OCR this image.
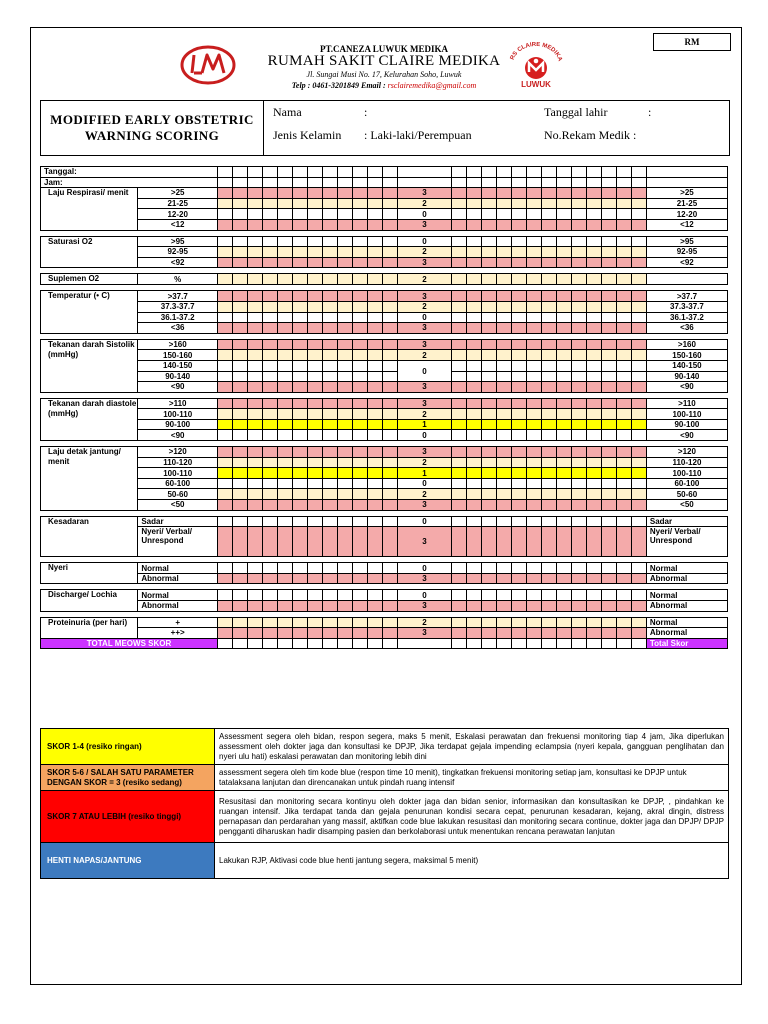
RM
RS CLAIRE MEDIKA
LUWUK
PT.CANEZA LUWUK MEDIKA
RUMAH SAKIT CLAIRE MEDIKA
Jl. Sungai Musi No. 17, Kelurahan Soho, Luwuk
Telp : 0461-3201849 Email : rsclairemedika@gmail.com
MODIFIED EARLY OBSTETRIC WARNING SCORING
Nama	:	Tanggal lahir	:
Jenis Kelamin : Laki-laki/Perempuan	No.Rekam Medik :
Tanggal:																												
Jam:																												
Laju Respirasi/ menit	>25													3														>25
	21-25													2														21-25
	12-20													0														12-20
	<12													3														<12

Saturasi O2	>95													0														>95
	92-95													2														92-95
	<92													3														<92

Suplemen O2	%													2														

Temperatur (• C)	>37.7													3														>37.7
	37.3-37.7													2														37.3-37.7
	36.1-37.2													0														36.1-37.2
	<36													3														<36

Tekanan darah Sistolik (mmHg)	>160													3														>160
	150-160													2														150-160
	140-150													0														140-150
	90-140																											90-140
	<90													3														<90

Tekanan darah diastole (mmHg)	>110													3														>110
	100-110													2														100-110
	90-100													1														90-100
	<90													0														<90

Laju detak jantung/ menit	>120													3														>120
	110-120													2														110-120
	100-110													1														100-110
	60-100													0														60-100
	50-60													2														50-60
	<50													3														<50

Kesadaran	Sadar													0														Sadar
	Nyeri/ Verbal/ Unrespond													3														Nyeri/ Verbal/ Unrespond

Nyeri	Normal													0														Normal
	Abnormal													3														Abnormal

Discharge/ Lochia	Normal													0														Normal
	Abnormal													3														Abnormal

Proteinuria (per hari)	+													2														Normal
	++>													3														Abnormal
TOTAL MEOWS SKOR																												Total Skor
SKOR 1-4 (resiko ringan)	Assessment segera oleh bidan, respon segera, maks 5 menit, Eskalasi perawatan dan frekuensi monitoring tiap 4 jam, Jika diperlukan assessment oleh dokter jaga dan konsultasi ke DPJP, Jika terdapat gejala impending eclampsia (nyeri kepala, gangguan penglihatan dan nyeri ulu hati) eskalasi perawatan dan monitoring lebih dini
SKOR 5-6 / SALAH SATU PARAMETER DENGAN SKOR = 3 (resiko sedang)	assessment segera oleh tim kode blue (respon time 10 menit), tingkatkan frekuensi monitoring setiap jam, konsultasi ke DPJP untuk tatalaksana lanjutan dan direncanakan untuk pindah ruang intensif
SKOR 7 ATAU LEBIH (resiko tinggi)	Resusitasi dan monitoring secara kontinyu oleh dokter jaga dan bidan senior, informasikan dan konsultasikan ke DPJP, , pindahkan ke ruangan intensif. Jika terdapat tanda dan gejala penurunan kondisi secara cepat, penurunan kesadaran, kejang, akral dingin, distress pernapasan dan perdarahan yang massif, aktifkan code blue lakukan resusitasi dan monitoring secara continue, dokter jaga dan DPJP/ DPJP pengganti diharuskan hadir disamping pasien dan berkolaborasi untuk menentukan rencana perawatan lanjutan
HENTI NAPAS/JANTUNG	Lakukan RJP, Aktivasi code blue henti jantung segera, maksimal 5 menit)
